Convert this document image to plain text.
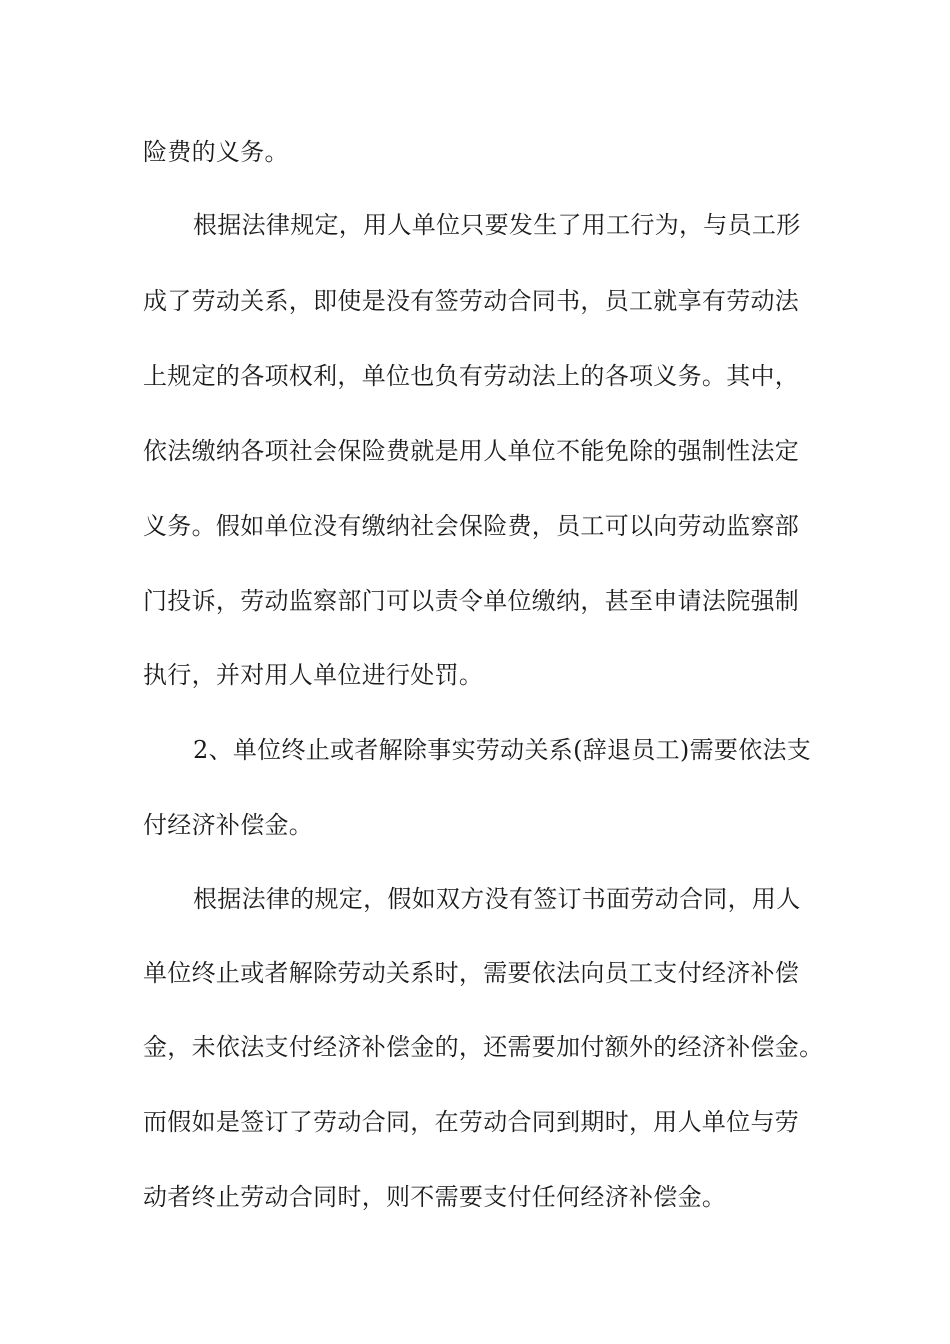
险费的义务。
根据法律规定，用人单位只要发生了用工行为，与员工形
成了劳动关系，即使是没有签劳动合同书，员工就享有劳动法
上规定的各项权利，单位也负有劳动法上的各项义务。其中，
依法缴纳各项社会保险费就是用人单位不能免除的强制性法定
义务。假如单位没有缴纳社会保险费，员工可以向劳动监察部
门投诉，劳动监察部门可以责令单位缴纳，甚至申请法院强制
执行，并对用人单位进行处罚。
2、单位终止或者解除事实劳动关系(辞退员工)需要依法支
付经济补偿金。
根据法律的规定，假如双方没有签订书面劳动合同，用人
单位终止或者解除劳动关系时，需要依法向员工支付经济补偿
金，未依法支付经济补偿金的，还需要加付额外的经济补偿金。
而假如是签订了劳动合同，在劳动合同到期时，用人单位与劳
动者终止劳动合同时，则不需要支付任何经济补偿金。
